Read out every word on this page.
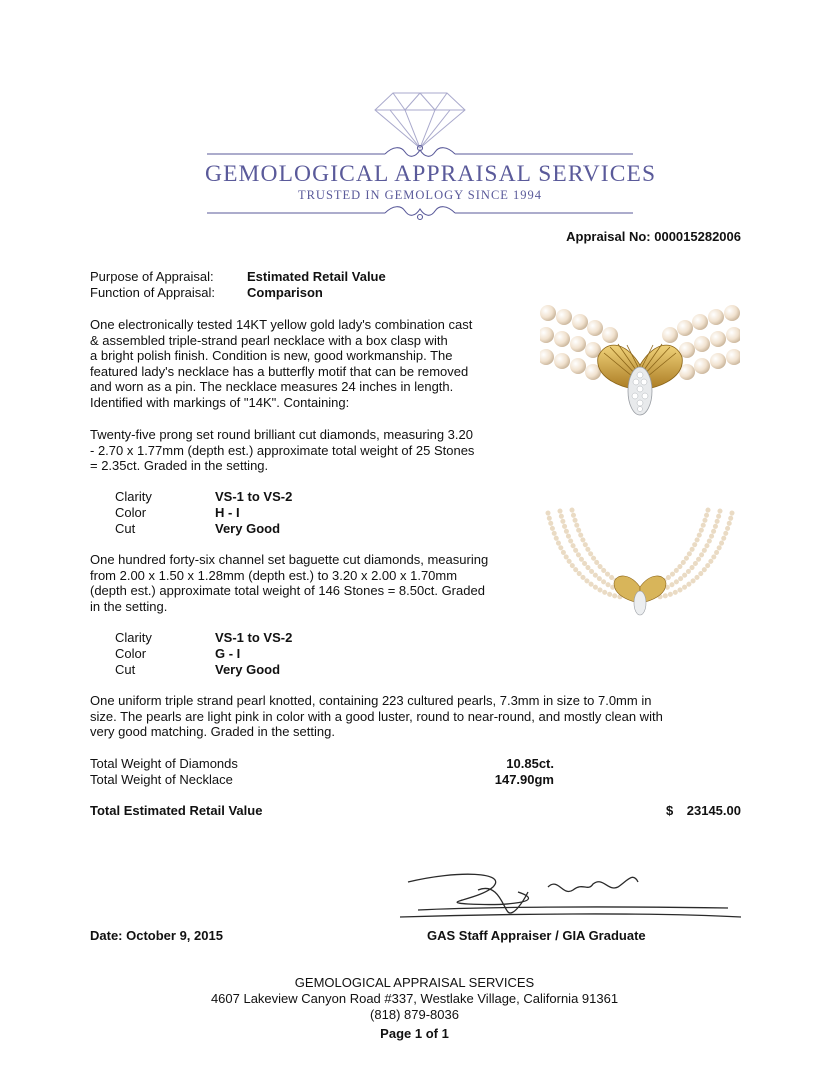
GEMOLOGICAL APPRAISAL SERVICES
TRUSTED IN GEMOLOGY SINCE 1994
Appraisal No: 000015282006
Purpose of Appraisal:	Estimated Retail Value
Function of Appraisal: Comparison
One electronically tested 14KT yellow gold lady's combination cast
& assembled triple-strand pearl necklace with a box clasp with
a bright polish finish. Condition is new, good workmanship. The
featured lady's necklace has a butterfly motif that can be removed
and worn as a pin. The necklace measures 24 inches in length.
Identified with markings of "14K". Containing:
Twenty-five prong set round brilliant cut diamonds, measuring 3.20
- 2.70 x 1.77mm (depth est.) approximate total weight of 25 Stones
= 2.35ct. Graded in the setting.
Clarity	VS-1 to VS-2
Color	H - I
Cut	Very Good
One hundred forty-six channel set baguette cut diamonds, measuring
from 2.00 x 1.50 x 1.28mm (depth est.) to 3.20 x 2.00 x 1.70mm
(depth est.) approximate total weight of 146 Stones = 8.50ct. Graded
in the setting.
Clarity	VS-1 to VS-2
Color	G - I
Cut	Very Good
One uniform triple strand pearl knotted, containing 223 cultured pearls, 7.3mm in size to 7.0mm in
size. The pearls are light pink in color with a good luster, round to near-round, and mostly clean with
very good matching. Graded in the setting.
Total Weight of Diamonds	10.85ct.
Total Weight of Necklace	147.90gm
Total Estimated Retail Value	$ 23145.00
Date: October 9, 2015	GAS Staff Appraiser / GIA Graduate
GEMOLOGICAL APPRAISAL SERVICES
4607 Lakeview Canyon Road #337, Westlake Village, California 91361
(818) 879-8036
Page 1 of 1
